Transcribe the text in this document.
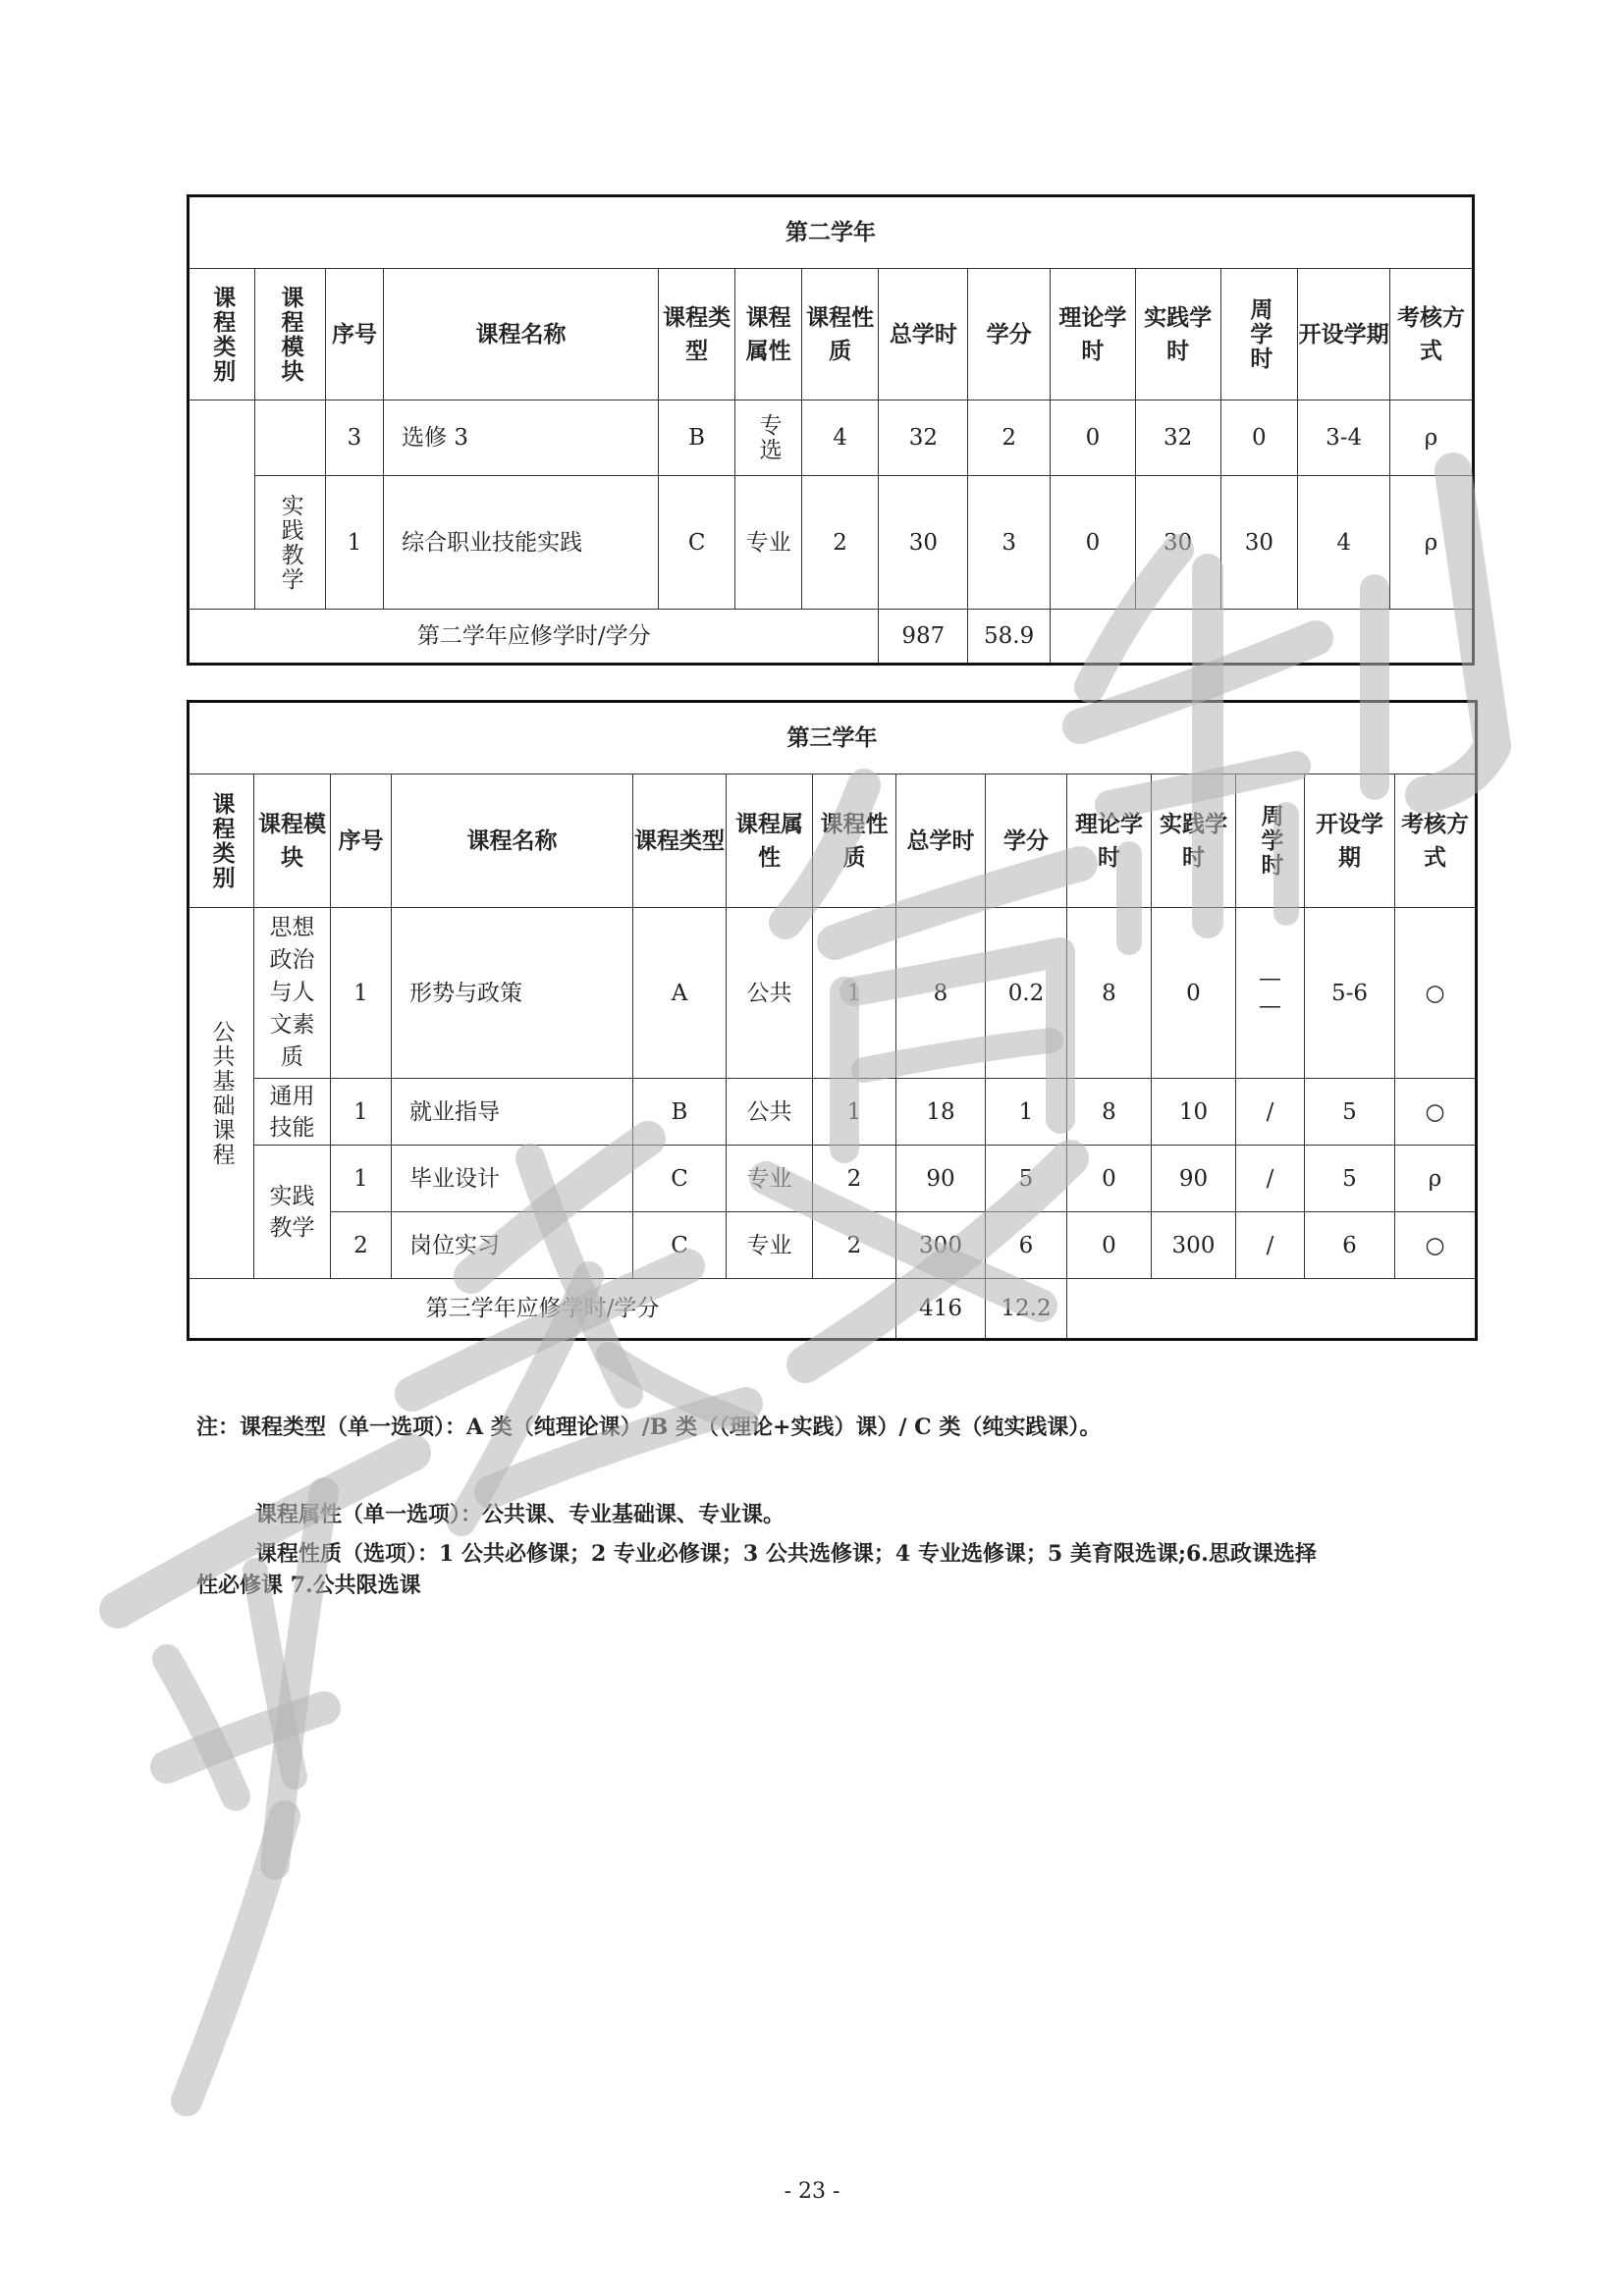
第二学年													
课程类别	课程模块	序号	课程名称	课程类型	课程属性	课程性质	总学时	学分	理论学时	实践学时	周学时	开设学期	考核方式
		3	选修 3	B	专选	4	32	2	0	32	0	3-4	ρ
	实践教学	1	综合职业技能实践	C	专业	2	30	3	0	30	30	4	ρ
第二学年应修学时/学分							987	58.9					
第三学年													
课程类别	课程模块	序号	课程名称	课程类型	课程属性	课程性质	总学时	学分	理论学时	实践学时	周学时	开设学期	考核方式
公共基础课程	思想政治与人文素质	1	形势与政策	A	公共	1	8	0.2	8	0	——	5-6	○
	通用技能	1	就业指导	B	公共	1	18	1	8	10	/	5	○
	实践教学	1	毕业设计	C	专业	2	90	5	0	90	/	5	ρ
		2	岗位实习	C	专业	2	300	6	0	300	/	6	○
第三学年应修学时/学分							416	12.2					
注：课程类型（单一选项）：A 类（纯理论课）/B 类（（理论+实践）课）/ C 类（纯实践课）。
课程属性（单一选项）：公共课、专业基础课、专业课。
课程性质（选项）：1 公共必修课；2 专业必修课；3 公共选修课；4 专业选修课；5 美育限选课;6.思政课选择
性必修课 7.公共限选课
- 23 -
